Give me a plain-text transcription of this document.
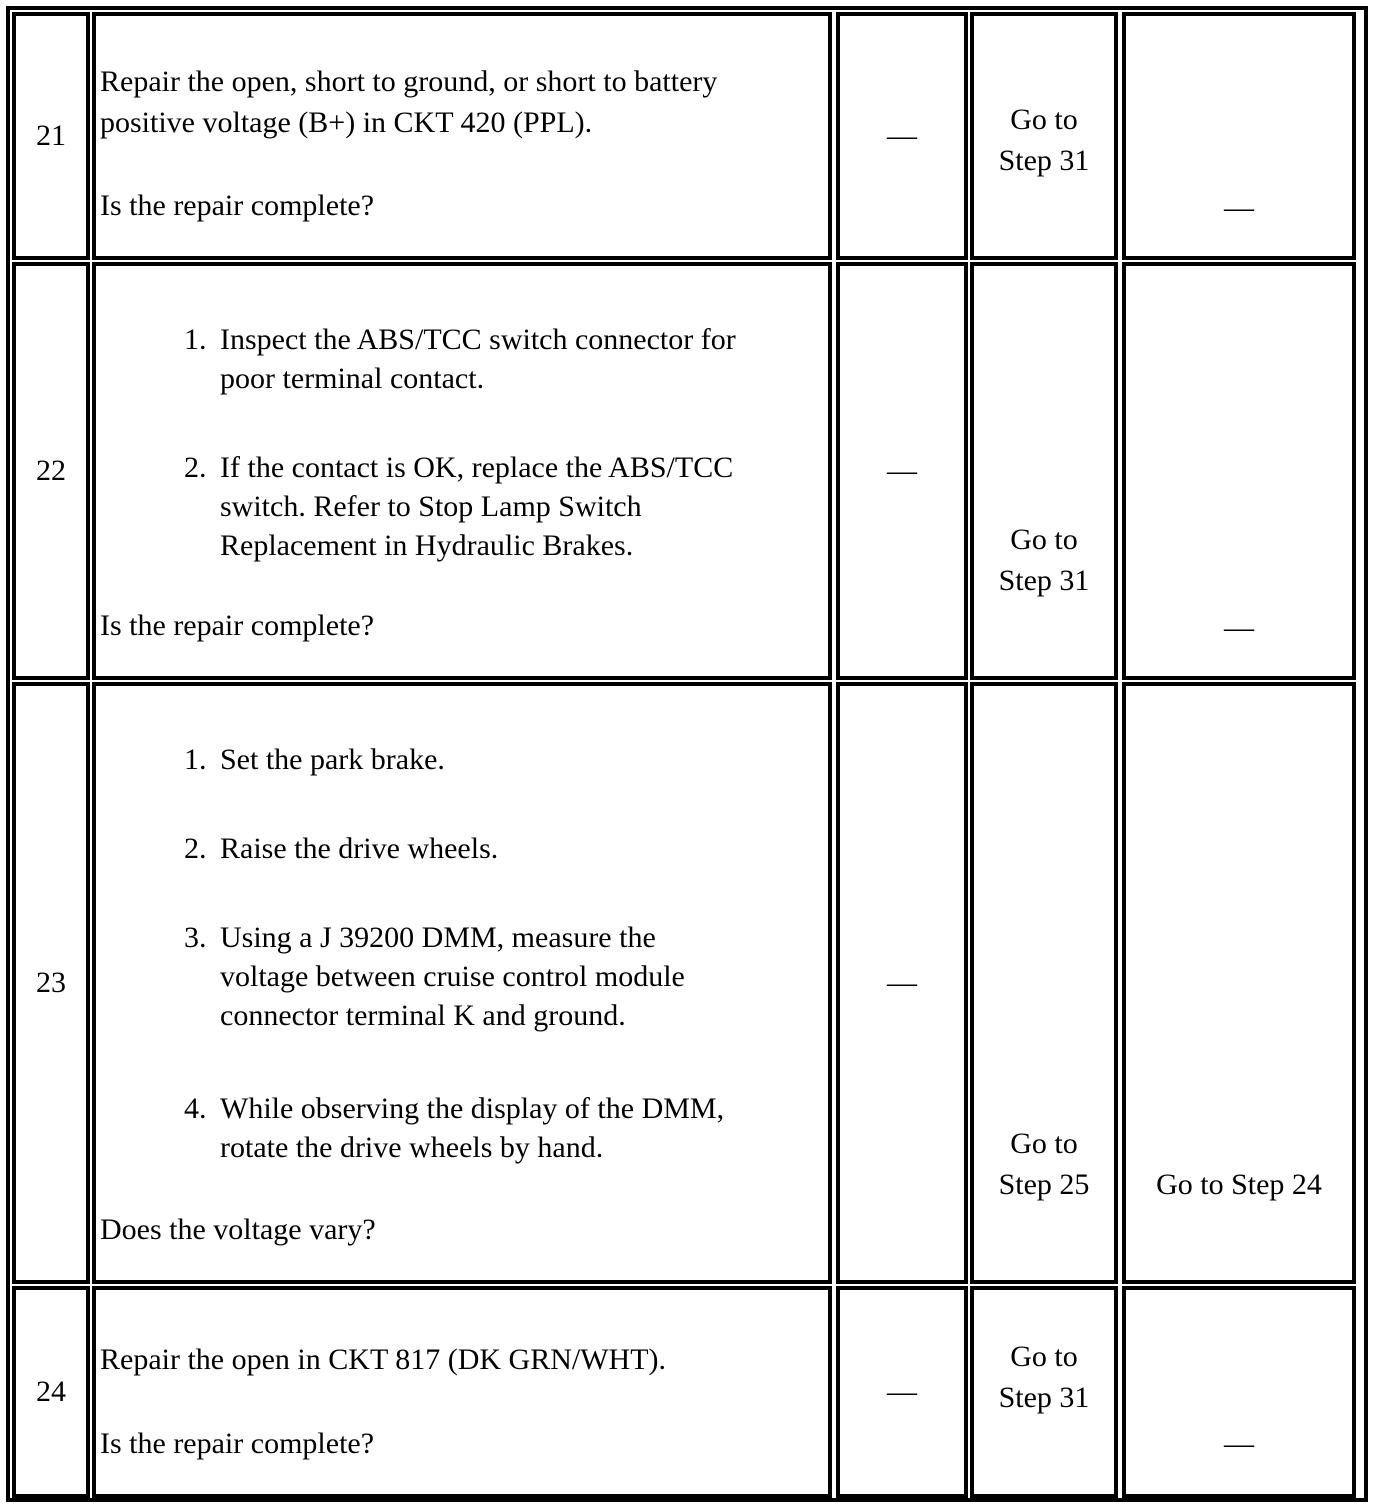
21
Repair the open, short to ground, or short to battery
positive voltage (B+) in CKT 420 (PPL).
Is the repair complete?
—	Go to
Step 31
—
22
1. Inspect the ABS/TCC switch connector for
poor terminal contact.
2. If the contact is OK, replace the ABS/TCC
switch. Refer to Stop Lamp Switch
Replacement in Hydraulic Brakes.
Is the repair complete?
—
Go to
Step 31
—
23
1. Set the park brake.
2. Raise the drive wheels.
3. Using a J 39200 DMM, measure the
voltage between cruise control module
connector terminal K and ground.
4. While observing the display of the DMM,
rotate the drive wheels by hand.
Does the voltage vary?
—
Go to
Step 25	Go to Step 24
24
Repair the open in CKT 817 (DK GRN/WHT).
Is the repair complete?
—
Go to
Step 31
—
